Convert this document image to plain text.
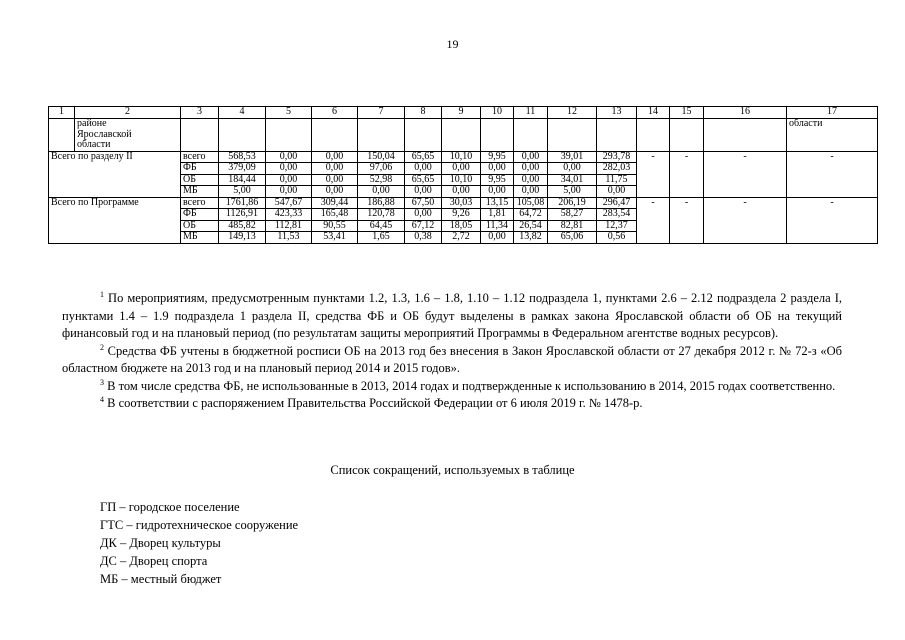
19
1	2	3	4	5	6	7	8	9	10	11	12	13	14	15	16	17

	районе
Ярославской
области															области
Всего по разделу II		всего	568,53	0,00	0,00	150,04	65,65	10,10	9,95	0,00	39,01	293,78	-	-	-	-
		ФБ	379,09	0,00	0,00	97,06	0,00	0,00	0,00	0,00	0,00	282,03				
		ОБ	184,44	0,00	0,00	52,98	65,65	10,10	9,95	0,00	34,01	11,75				
		МБ	5,00	0,00	0,00	0,00	0,00	0,00	0,00	0,00	5,00	0,00				
Всего по Программе		всего	1761,86	547,67	309,44	186,88	67,50	30,03	13,15	105,08	206,19	296,47	-	-	-	-
		ФБ	1126,91	423,33	165,48	120,78	0,00	9,26	1,81	64,72	58,27	283,54				
		ОБ	485,82	112,81	90,55	64,45	67,12	18,05	11,34	26,54	82,81	12,37				
		МБ	149,13	11,53	53,41	1,65	0,38	2,72	0,00	13,82	65,06	0,56				

$^1$ По мероприятиям, предусмотренным пунктами 1.2, 1.3, 1.6 – 1.8, 1.10 – 1.12 подраздела 1, пунктами 2.6 – 2.12 подраздела 2 раздела I, пунктами 1.4 – 1.9 подраздела 1 раздела II, средства ФБ и ОБ будут выделены в рамках закона Ярославской области об ОБ на текущий финансовый год и на плановый период (по результатам защиты мероприятий Программы в Федеральном агентстве водных ресурсов).

$^2$ Средства ФБ учтены в бюджетной росписи ОБ на 2013 год без внесения в Закон Ярославской области от 27 декабря 2012 г. № 72-з «Об областном бюджете на 2013 год и на плановый период 2014 и 2015 годов».

$^3$ В том числе средства ФБ, не использованные в 2013, 2014 годах и подтвержденные к использованию в 2014, 2015 годах соответственно.

$^4$ В соответствии с распоряжением Правительства Российской Федерации от 6 июля 2019 г. № 1478-р.

Список сокращений, используемых в таблице
ГП – городское поселение
ГТС – гидротехническое сооружение
ДК – Дворец культуры
ДС – Дворец спорта
МБ – местный бюджет
